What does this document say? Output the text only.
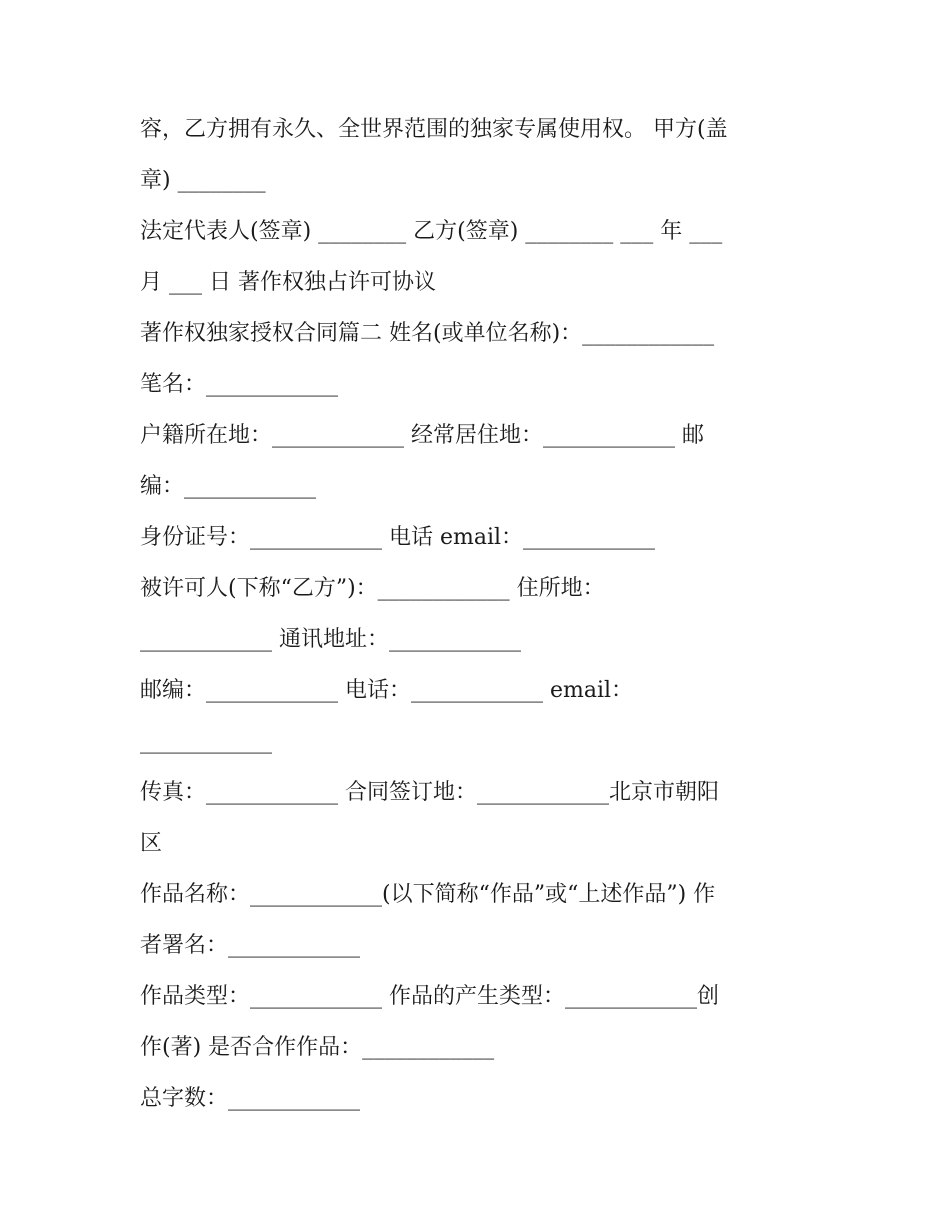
容，乙方拥有永久、全世界范围的独家专属使用权。 甲方(盖
章) ________
法定代表人(签章) ________ 乙方(签章) ________ ___ 年 ___
月 ___ 日 著作权独占许可协议
著作权独家授权合同篇二 姓名(或单位名称)：____________
笔名：____________
户籍所在地：____________ 经常居住地：____________ 邮
编：____________
身份证号：____________ 电话 email：____________
被许可人(下称“乙方”)：____________ 住所地：
____________ 通讯地址：____________
邮编：____________ 电话：____________ email：
____________
传真：____________ 合同签订地：____________北京市朝阳
区
作品名称：____________(以下简称“作品”或“上述作品”) 作
者署名：____________
作品类型：____________ 作品的产生类型：____________创
作(著) 是否合作作品：____________
总字数：____________
